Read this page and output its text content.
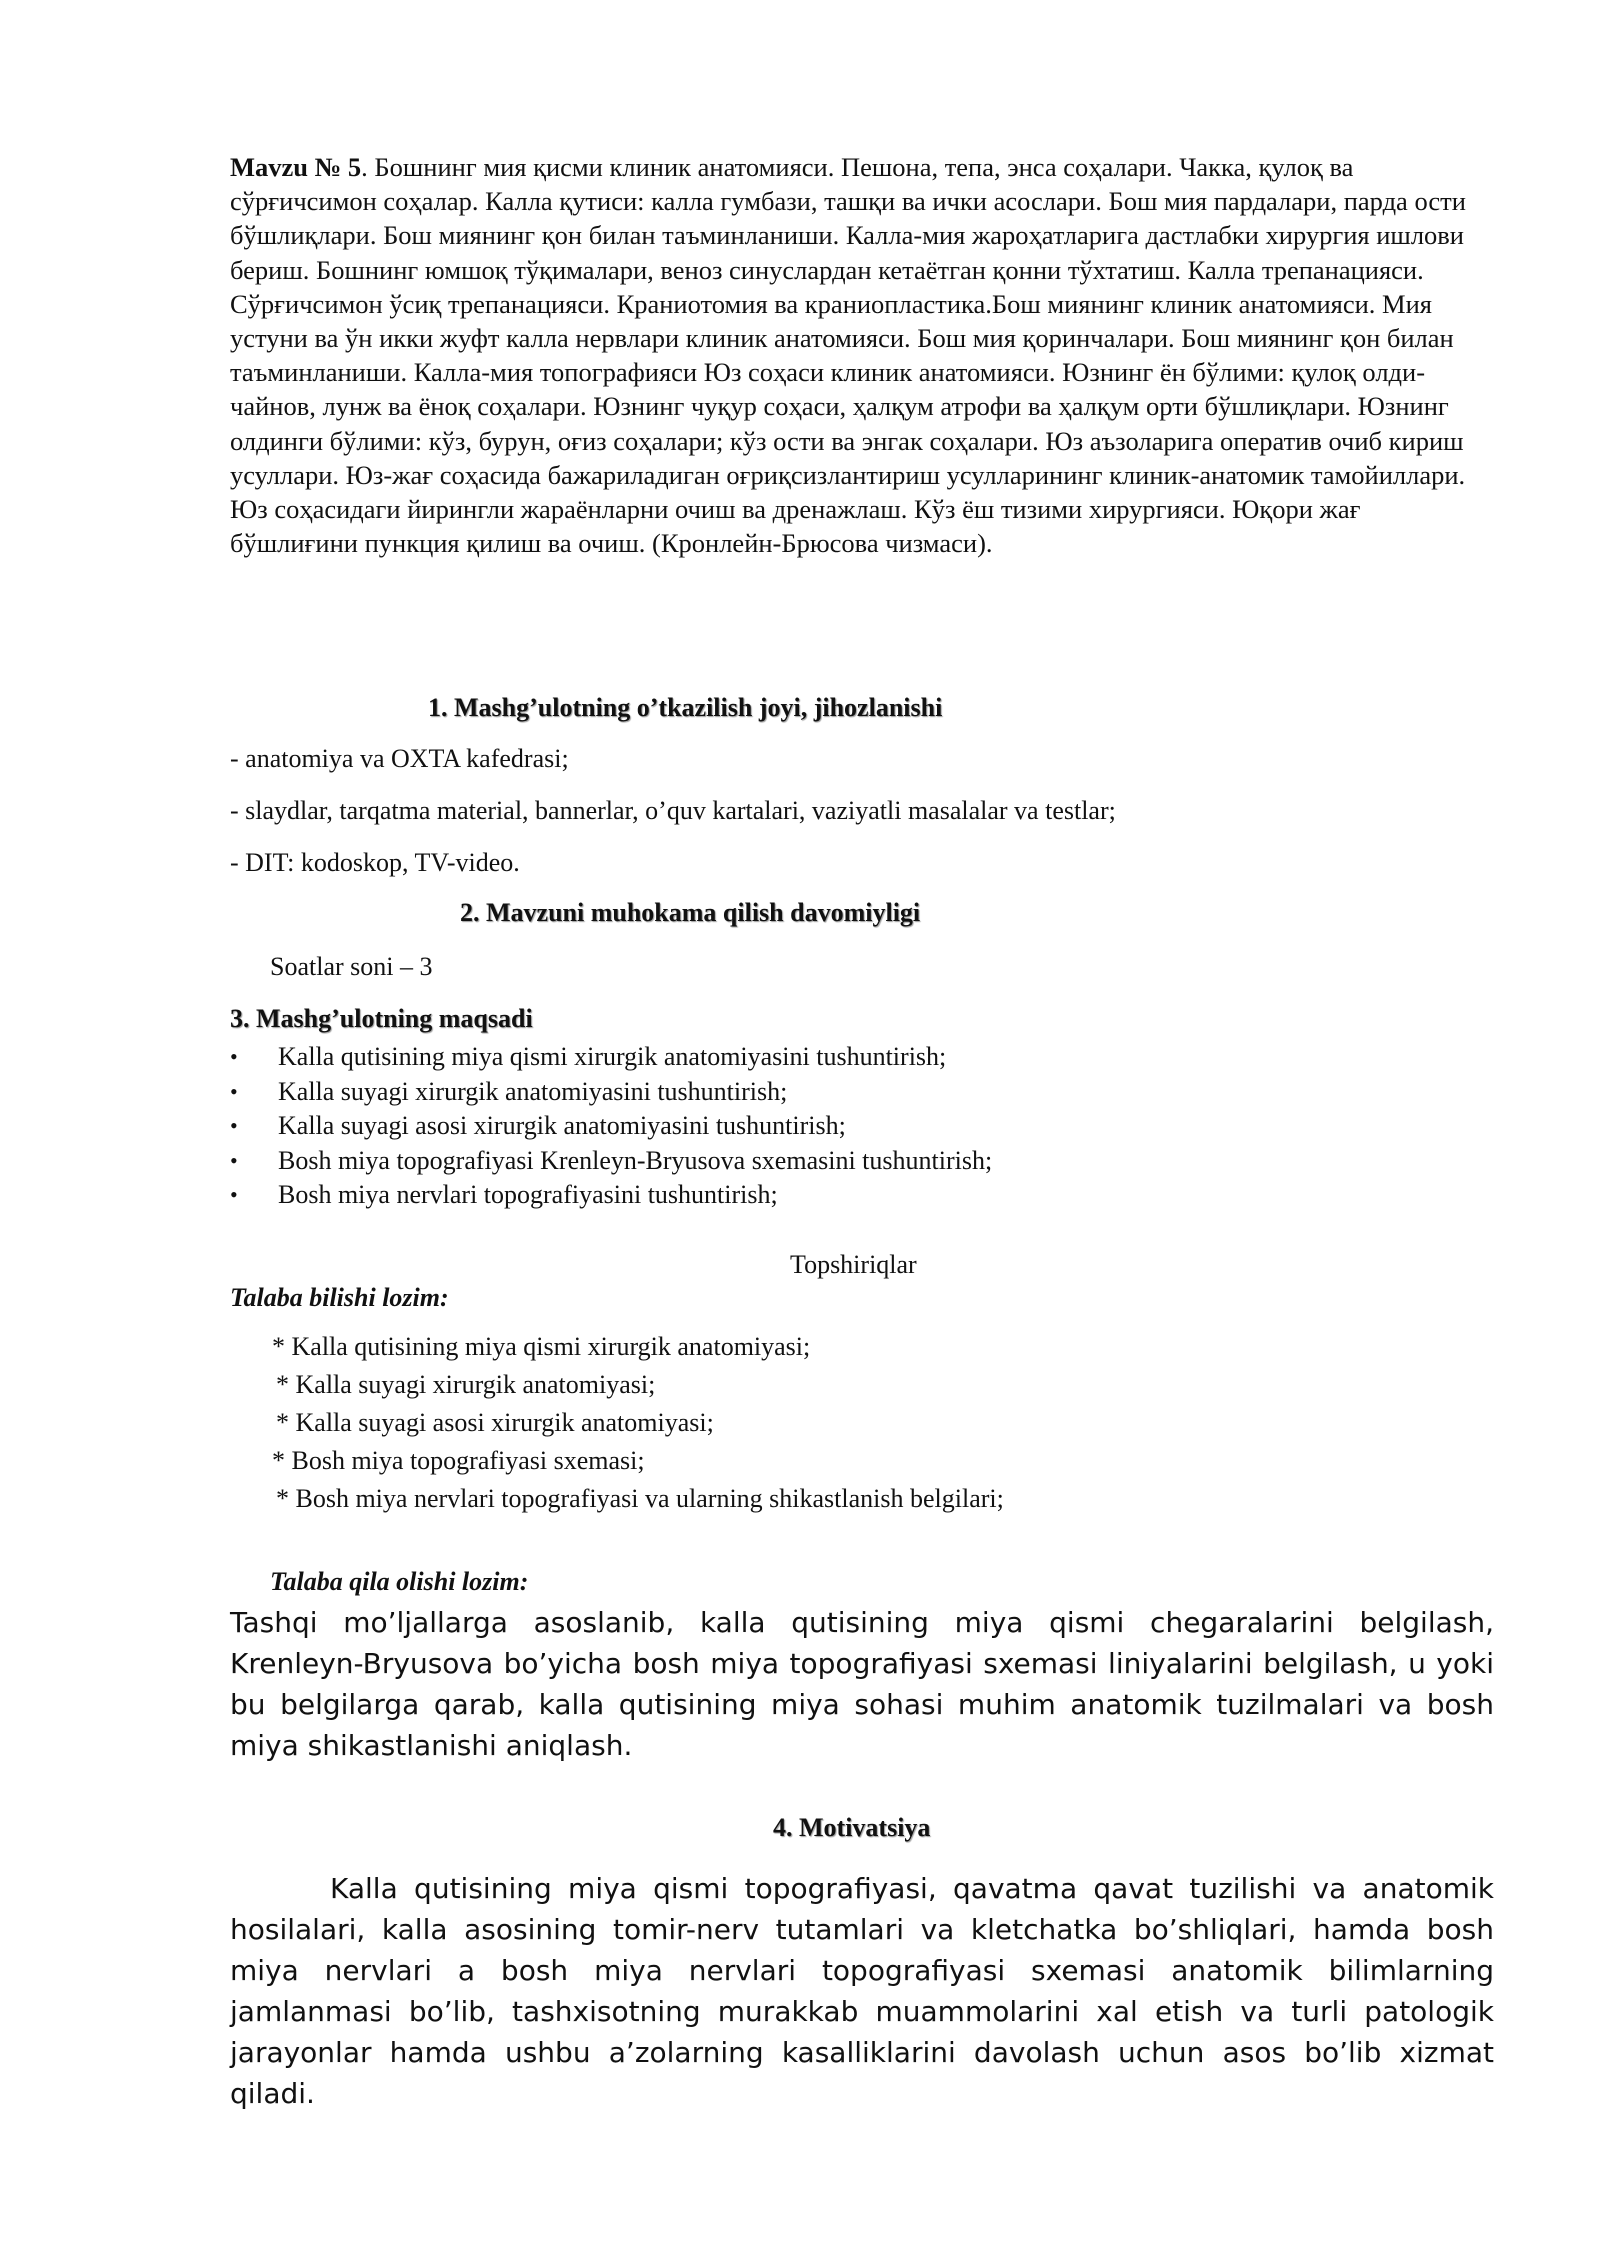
Mavzu № 5. Бошнинг мия қисми клиник анатомияси. Пешона, тепа, энса соҳалари. Чакка, қулоқ ва сўрғичсимон соҳалар. Калла қутиси: калла гумбази, ташқи ва ички асослари. Бош мия пардалари, парда ости бўшлиқлари. Бош миянинг қон билан таъминланиши. Калла-мия жароҳатларига дастлабки хирургия ишлови бериш. Бошнинг юмшоқ тўқималари, веноз синуслардан кетаётган қонни тўхтатиш. Калла трепанацияси. Сўрғичсимон ўсиқ трепанацияси. Краниотомия ва краниопластика.Бош миянинг клиник анатомияси. Мия устуни ва ўн икки жуфт калла нервлари клиник анатомияси. Бош мия қоринчалари. Бош миянинг қон билан таъминланиши. Калла-мия топографияси Юз соҳаси клиник анатомияси. Юзнинг ён бўлими: қулоқ олди-чайнов, лунж ва ёноқ соҳалари. Юзнинг чуқур соҳаси, ҳалқум атрофи ва ҳалқум орти бўшлиқлари. Юзнинг олдинги бўлими: кўз, бурун, оғиз соҳалари; кўз ости ва энгак соҳалари. Юз аъзоларига оператив очиб кириш усуллари. Юз-жағ соҳасида бажариладиган оғриқсизлантириш усулларининг клиник-анатомик тамойиллари. Юз соҳасидаги йирингли жараёнларни очиш ва дренажлаш. Кўз ёш тизими хирургияси. Юқори жағ бўшлиғини пункция қилиш ва очиш. (Кронлейн-Брюсова чизмаси).
1. Mashg’ulotning o’tkazilish joyi, jihozlanishi
- anatomiya va OXTA kafedrasi;
- slaydlar, tarqatma material, bannerlar, o’quv kartalari, vaziyatli masalalar va testlar;
- DIT: kodoskop, TV-video.
2. Mavzuni muhokama qilish davomiyligi
Soatlar soni – 3
3. Mashg’ulotning maqsadi
• Kalla qutisining miya qismi xirurgik anatomiyasini tushuntirish;
• Kalla suyagi xirurgik anatomiyasini tushuntirish;
• Kalla suyagi asosi xirurgik anatomiyasini tushuntirish;
• Bosh miya topografiyasi Krenleyn-Bryusova sxemasini tushuntirish;
• Bosh miya nervlari topografiyasini tushuntirish;
Topshiriqlar
Talaba bilishi lozim:
* Kalla qutisining miya qismi xirurgik anatomiyasi;
* Kalla suyagi xirurgik anatomiyasi;
* Kalla suyagi asosi xirurgik anatomiyasi;
* Bosh miya topografiyasi sxemasi;
* Bosh miya nervlari topografiyasi va ularning shikastlanish belgilari;
Talaba qila olishi lozim:
Tashqi mo’ljallarga asoslanib, kalla qutisining miya qismi chegaralarini belgilash, Krenleyn-Bryusova bo’yicha bosh miya topografiyasi sxemasi liniyalarini belgilash, u yoki bu belgilarga qarab, kalla qutisining miya sohasi muhim anatomik tuzilmalari va bosh miya shikastlanishi aniqlash.
4. Motivatsiya
Kalla qutisining miya qismi topografiyasi, qavatma qavat tuzilishi va anatomik hosilalari, kalla asosining tomir-nerv tutamlari va kletchatka bo’shliqlari, hamda bosh miya nervlari a bosh miya nervlari topografiyasi sxemasi anatomik bilimlarning jamlanmasi bo’lib, tashxisotning murakkab muammolarini xal etish va turli patologik jarayonlar hamda ushbu a’zolarning kasalliklarini davolash uchun asos bo’lib xizmat qiladi.
